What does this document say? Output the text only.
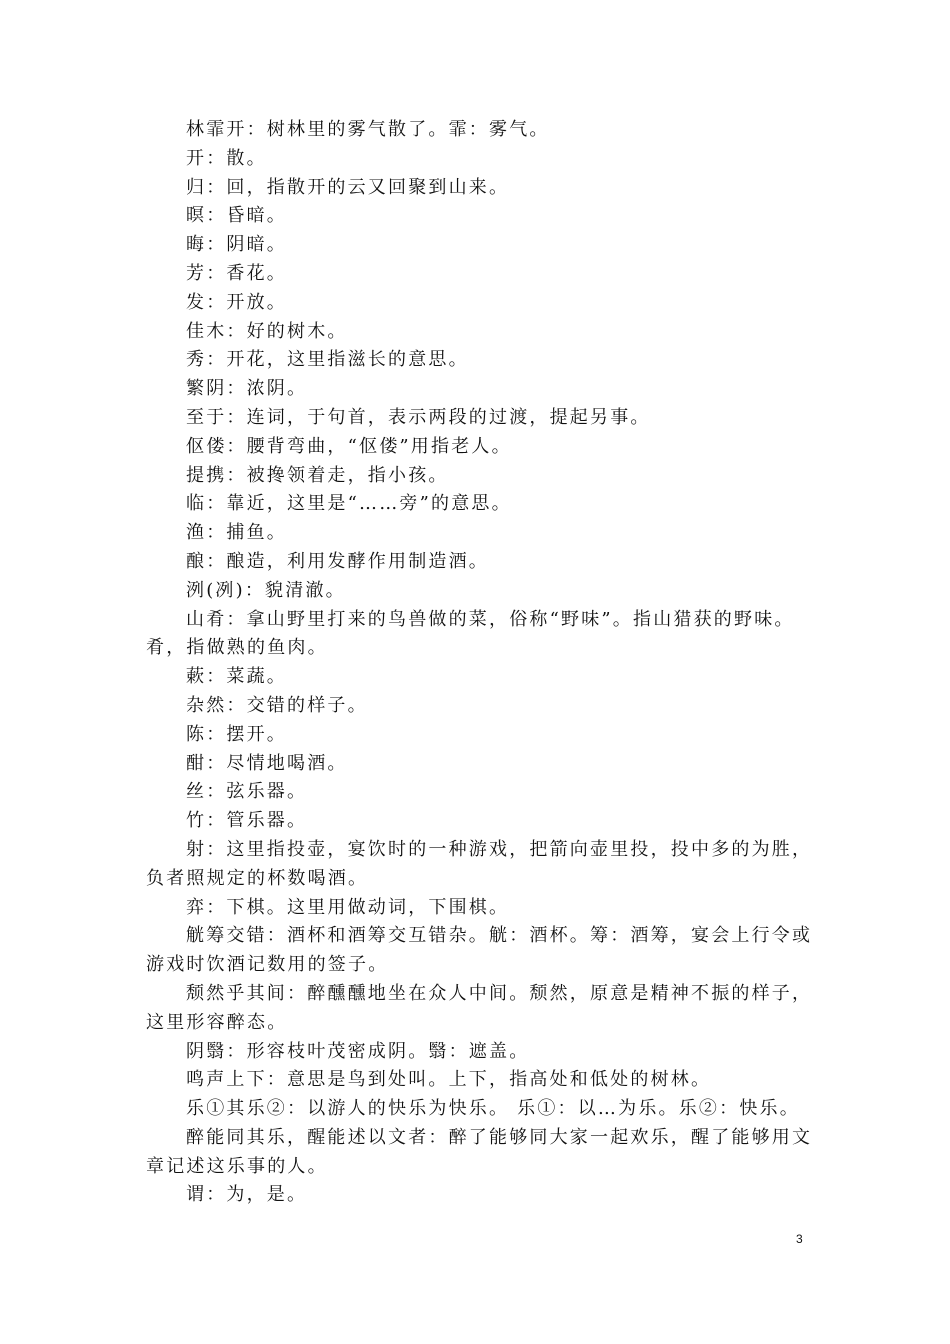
林霏开：树林里的雾气散了。霏：雾气。

开：散。

归：回，指散开的云又回聚到山来。

暝：昏暗。

晦：阴暗。

芳：香花。

发：开放。

佳木：好的树木。

秀：开花，这里指滋长的意思。

繁阴：浓阴。

至于：连词，于句首，表示两段的过渡，提起另事。

伛偻：腰背弯曲，“伛偻”用指老人。

提携：被搀领着走，指小孩。

临：靠近，这里是“……旁”的意思。

渔：捕鱼。

酿：酿造，利用发酵作用制造酒。

洌(冽)：貌清澈。

山肴：拿山野里打来的鸟兽做的菜，俗称“野味”。指山猎获的野味。肴，指做熟的鱼肉。

蔌：菜蔬。

杂然：交错的样子。

陈：摆开。

酣：尽情地喝酒。

丝：弦乐器。

竹：管乐器。

射：这里指投壶，宴饮时的一种游戏，把箭向壶里投，投中多的为胜，负者照规定的杯数喝酒。

弈：下棋。这里用做动词，下围棋。

觥筹交错：酒杯和酒筹交互错杂。觥：酒杯。筹：酒筹，宴会上行令或游戏时饮酒记数用的签子。

颓然乎其间：醉醺醺地坐在众人中间。颓然，原意是精神不振的样子，这里形容醉态。

阴翳：形容枝叶茂密成阴。翳：遮盖。

鸣声上下：意思是鸟到处叫。上下，指高处和低处的树林。

乐①其乐②：以游人的快乐为快乐。 乐①：以…为乐。乐②：快乐。

醉能同其乐，醒能述以文者：醉了能够同大家一起欢乐，醒了能够用文章记述这乐事的人。

谓：为，是。

3
